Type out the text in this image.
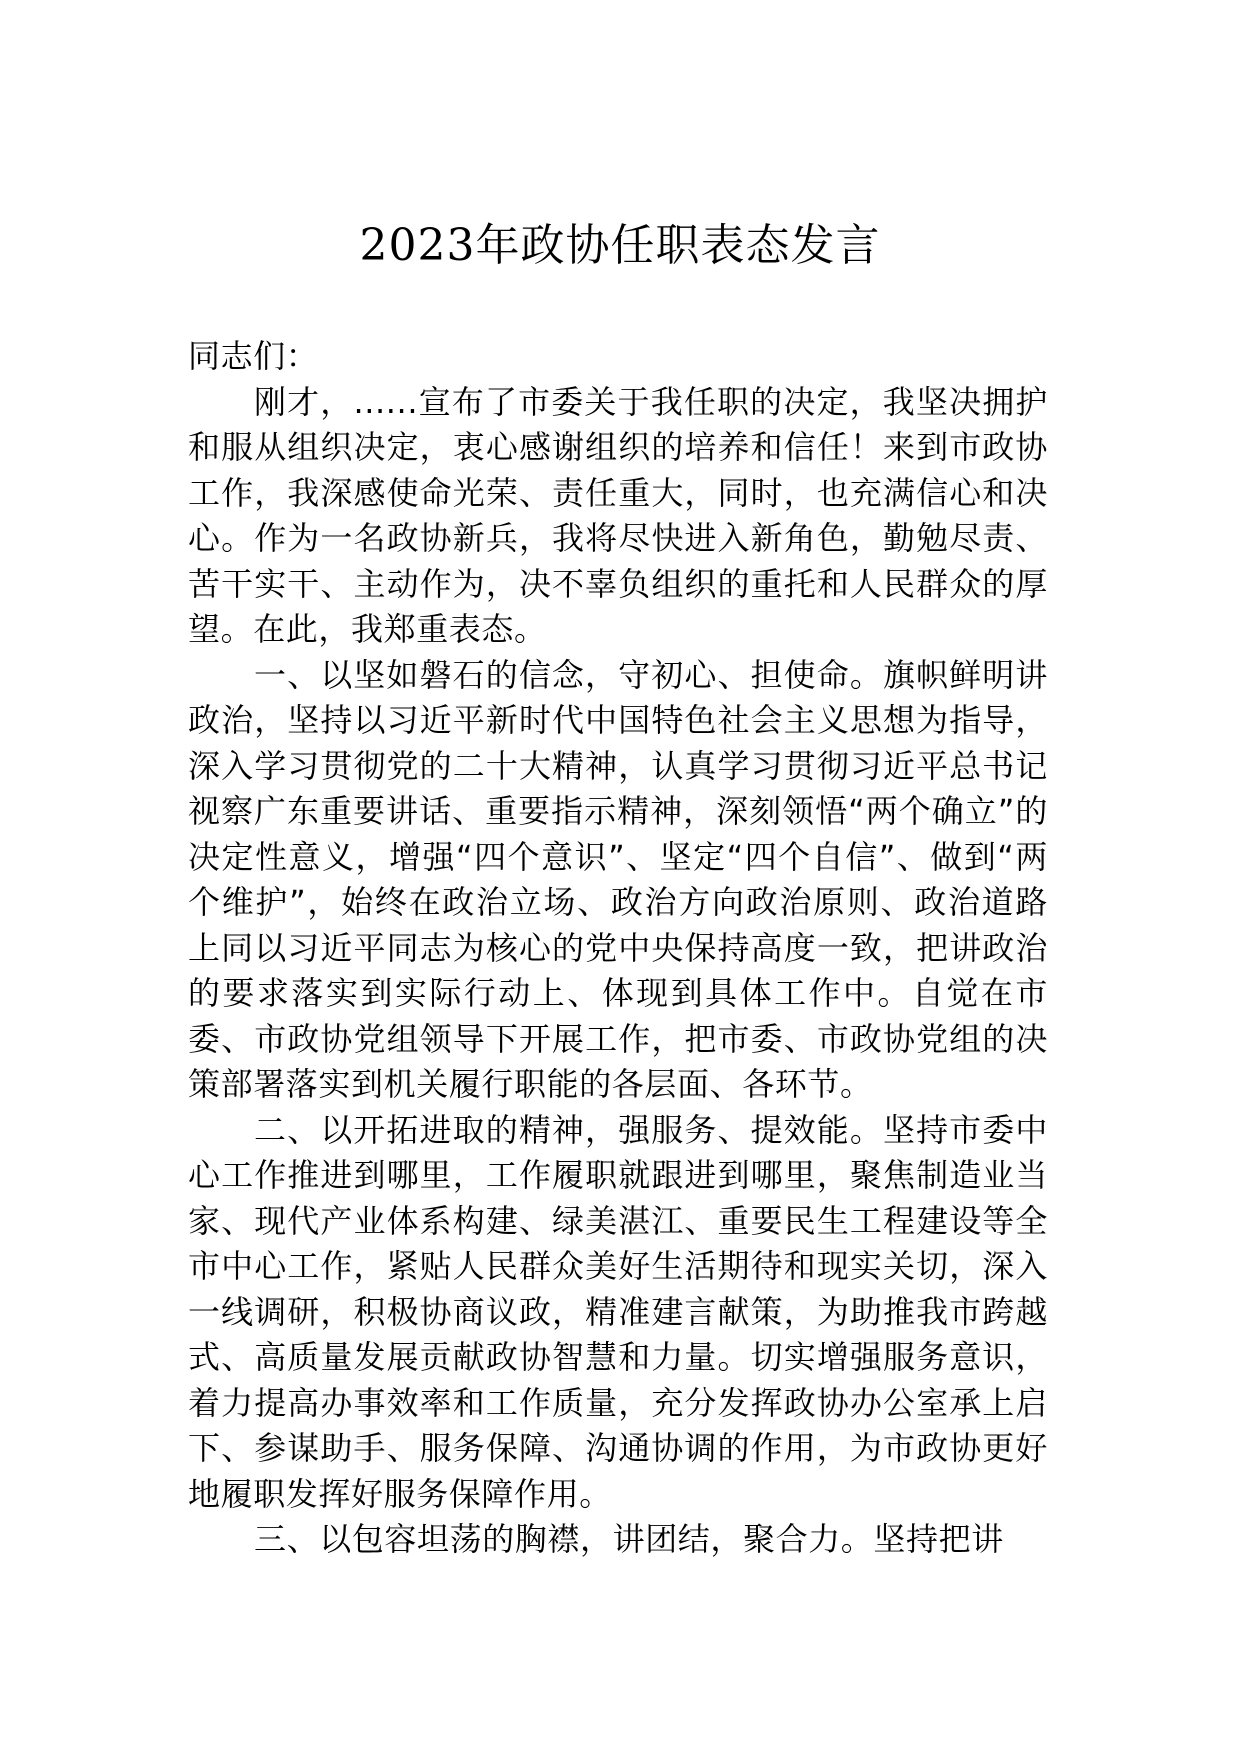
2023年政协任职表态发言

同志们：

刚才，......宣布了市委关于我任职的决定，我坚决拥护和服从组织决定，衷心感谢组织的培养和信任！来到市政协工作，我深感使命光荣、责任重大，同时，也充满信心和决心。作为一名政协新兵，我将尽快进入新角色，勤勉尽责、苦干实干、主动作为，决不辜负组织的重托和人民群众的厚望。在此，我郑重表态。

一、以坚如磐石的信念，守初心、担使命。旗帜鲜明讲政治，坚持以习近平新时代中国特色社会主义思想为指导，深入学习贯彻党的二十大精神，认真学习贯彻习近平总书记视察广东重要讲话、重要指示精神，深刻领悟“两个确立”的决定性意义，增强“四个意识”、坚定“四个自信”、做到“两个维护”，始终在政治立场、政治方向政治原则、政治道路上同以习近平同志为核心的党中央保持高度一致，把讲政治的要求落实到实际行动上、体现到具体工作中。自觉在市委、市政协党组领导下开展工作，把市委、市政协党组的决策部署落实到机关履行职能的各层面、各环节。

二、以开拓进取的精神，强服务、提效能。坚持市委中心工作推进到哪里，工作履职就跟进到哪里，聚焦制造业当家、现代产业体系构建、绿美湛江、重要民生工程建设等全市中心工作，紧贴人民群众美好生活期待和现实关切，深入一线调研，积极协商议政，精准建言献策，为助推我市跨越式、高质量发展贡献政协智慧和力量。切实增强服务意识，着力提高办事效率和工作质量，充分发挥政协办公室承上启下、参谋助手、服务保障、沟通协调的作用，为市政协更好地履职发挥好服务保障作用。

三、以包容坦荡的胸襟，讲团结，聚合力。坚持把讲
